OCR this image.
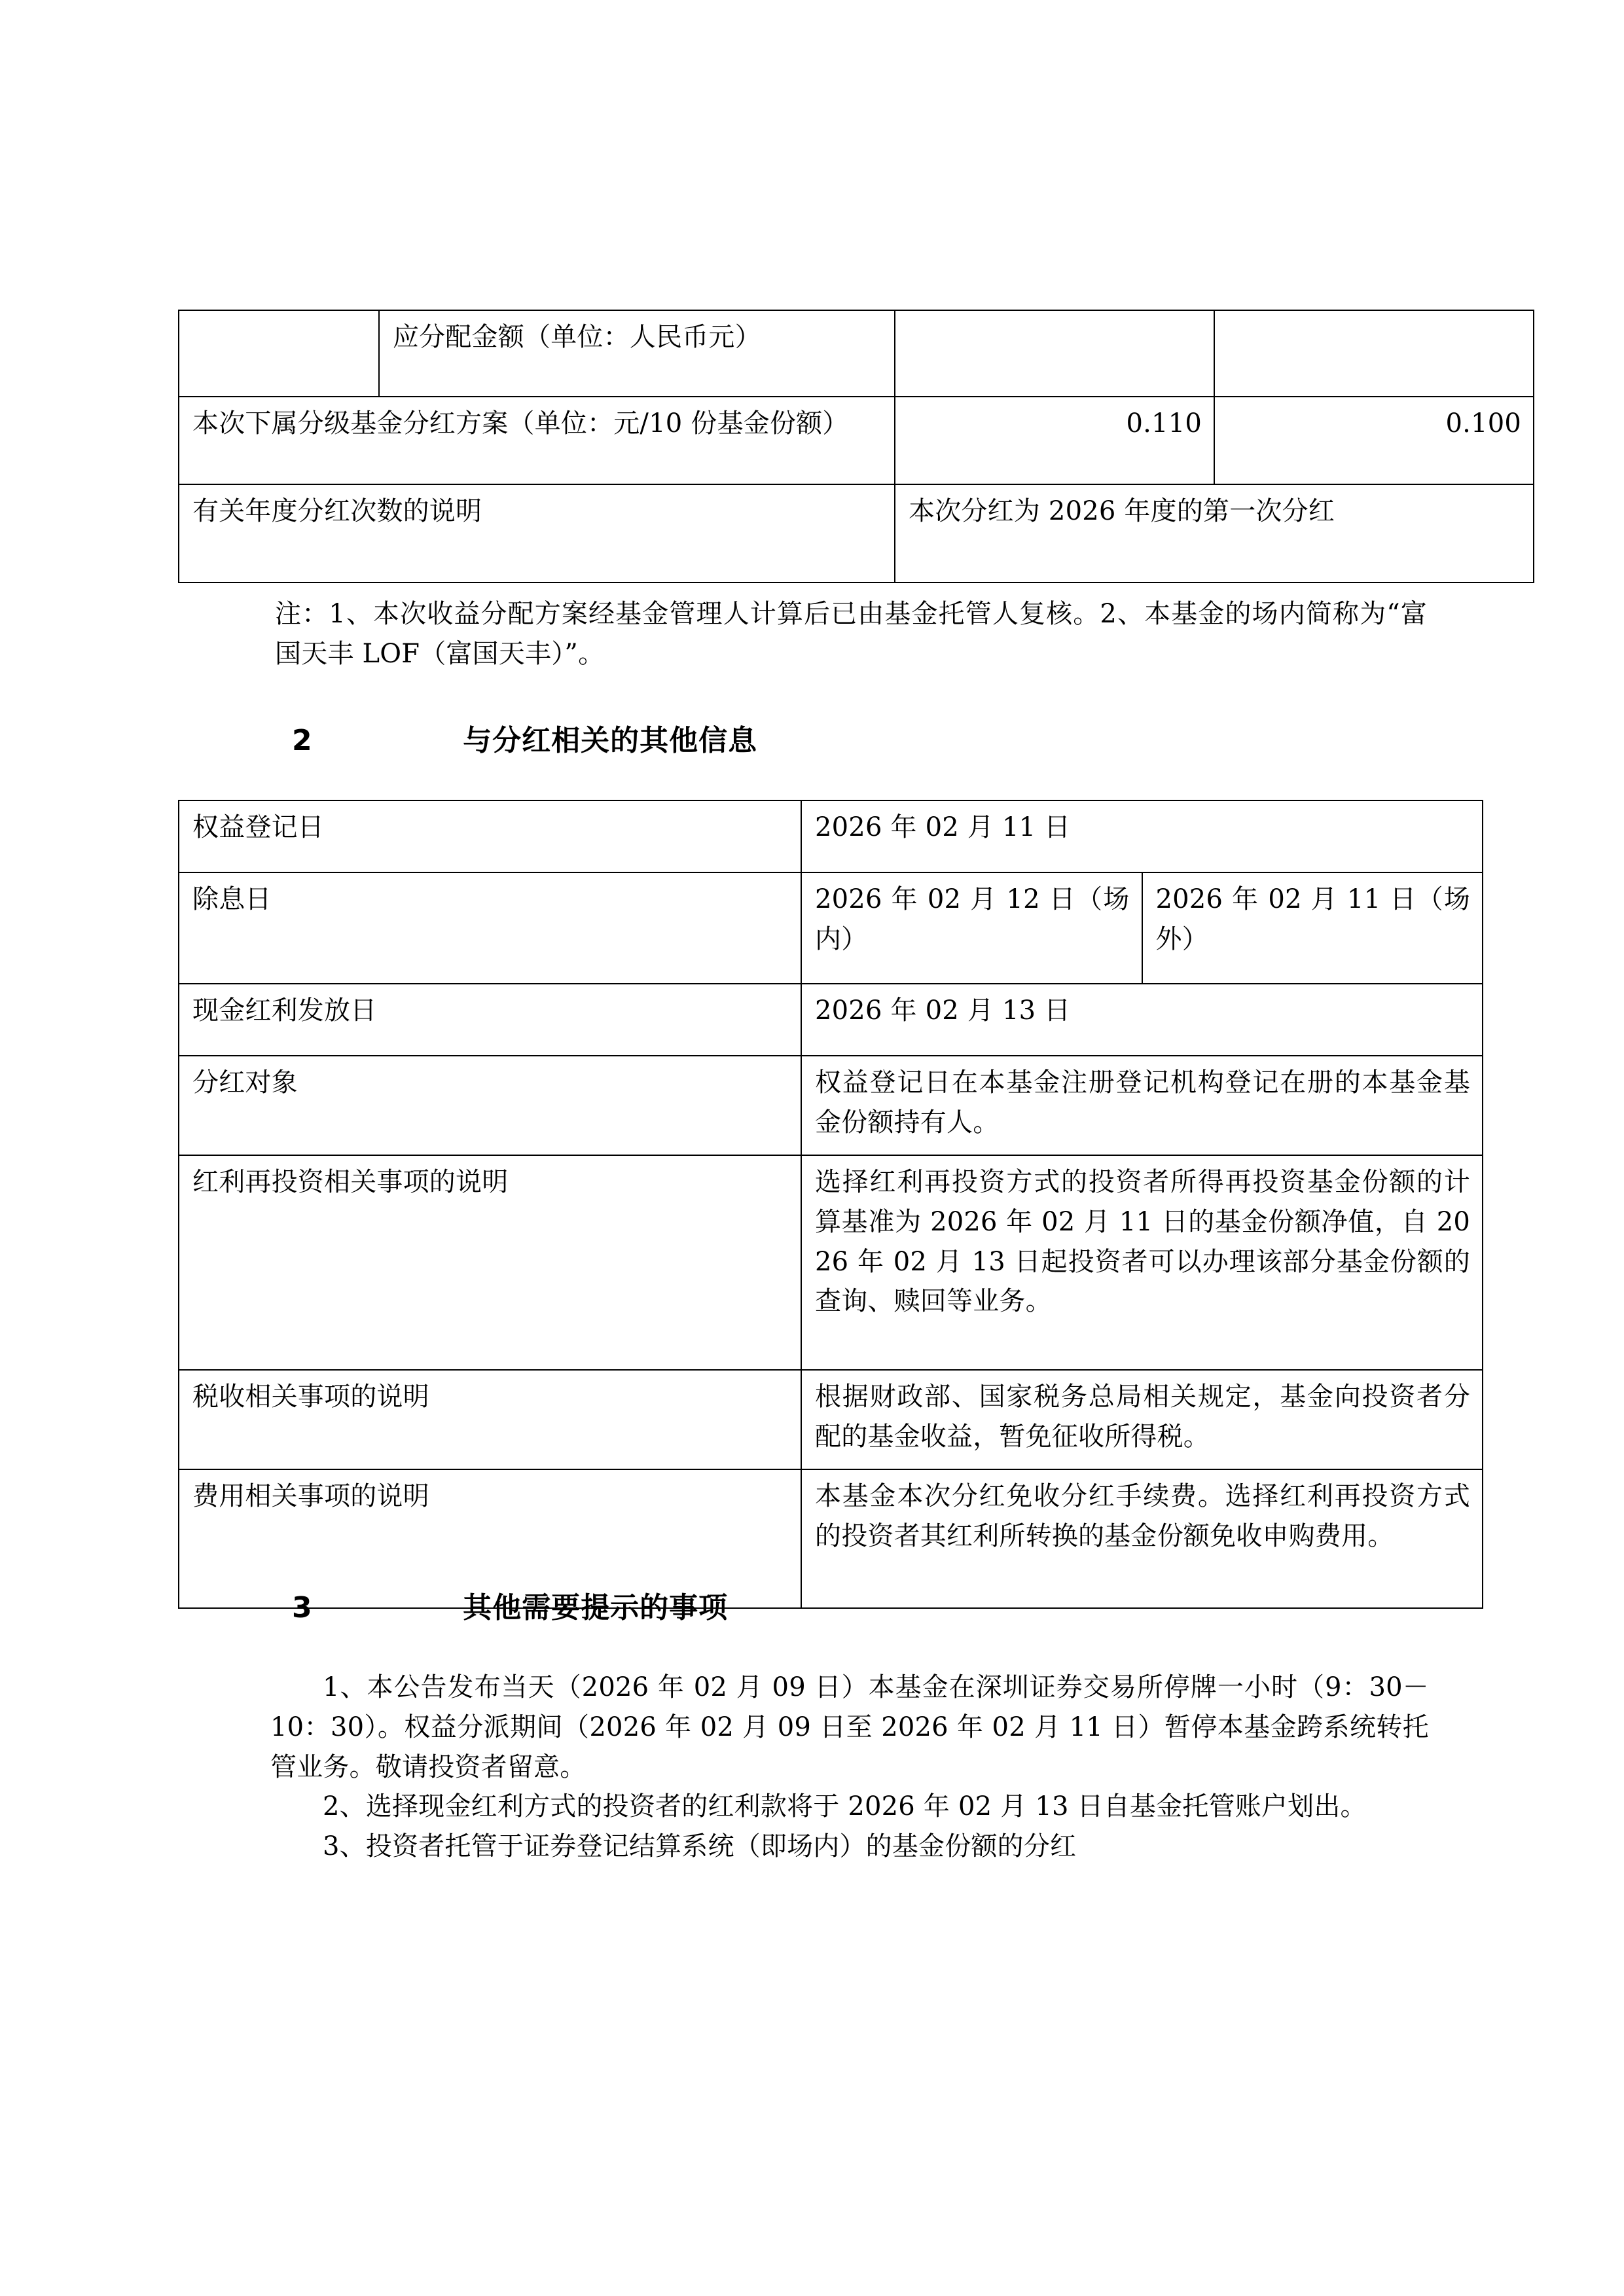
	应分配金额（单位：人民币元）		
本次下属分级基金分红方案（单位：元/10 份基金份额）		0.110	0.100
有关年度分红次数的说明		本次分红为 2026 年度的第一次分红	
注：1、本次收益分配方案经基金管理人计算后已由基金托管人复核。2、本基金的场内简称为“富国天丰 LOF（富国天丰）”。
2			与分红相关的其他信息
权益登记日	2026 年 02 月 11 日	
除息日	2026 年 02 月 12 日（场内）	2026 年 02 月 11 日（场外）
现金红利发放日	2026 年 02 月 13 日	
分红对象	权益登记日在本基金注册登记机构登记在册的本基金基金份额持有人。	
红利再投资相关事项的说明	选择红利再投资方式的投资者所得再投资基金份额的计算基准为 2026 年 02 月 11 日的基金份额净值，自 2026 年 02 月 13 日起投资者可以办理该部分基金份额的查询、赎回等业务。	
税收相关事项的说明	根据财政部、国家税务总局相关规定，基金向投资者分配的基金收益，暂免征收所得税。	
费用相关事项的说明	本基金本次分红免收分红手续费。选择红利再投资方式的投资者其红利所转换的基金份额免收申购费用。	
3			其他需要提示的事项

1、本公告发布当天（2026 年 02 月 09 日）本基金在深圳证券交易所停牌一小时（9：30－10：30）。权益分派期间（2026 年 02 月 09 日至 2026 年 02 月 11 日）暂停本基金跨系统转托管业务。敬请投资者留意。

2、选择现金红利方式的投资者的红利款将于 2026 年 02 月 13 日自基金托管账户划出。

3、投资者托管于证券登记结算系统（即场内）的基金份额的分红
